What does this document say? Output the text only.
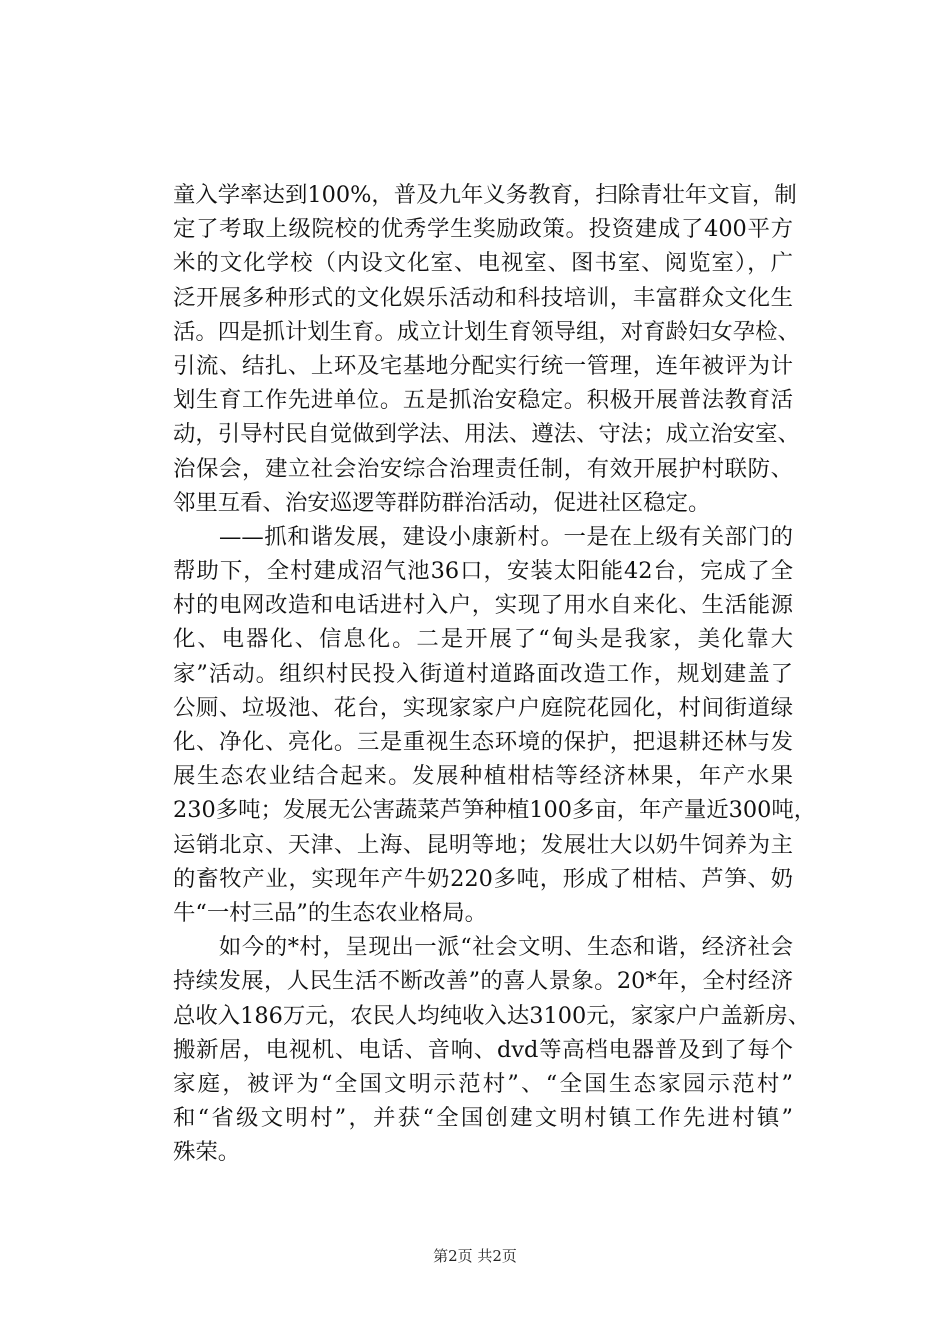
童入学率达到100%，普及九年义务教育，扫除青壮年文盲，制
定了考取上级院校的优秀学生奖励政策。投资建成了400平方
米的文化学校（内设文化室、电视室、图书室、阅览室），广
泛开展多种形式的文化娱乐活动和科技培训，丰富群众文化生
活。四是抓计划生育。成立计划生育领导组，对育龄妇女孕检、
引流、结扎、上环及宅基地分配实行统一管理，连年被评为计
划生育工作先进单位。五是抓治安稳定。积极开展普法教育活
动，引导村民自觉做到学法、用法、遵法、守法；成立治安室、
治保会，建立社会治安综合治理责任制，有效开展护村联防、
邻里互看、治安巡逻等群防群治活动，促进社区稳定。
　　——抓和谐发展，建设小康新村。一是在上级有关部门的
帮助下，全村建成沼气池36口，安装太阳能42台，完成了全
村的电网改造和电话进村入户，实现了用水自来化、生活能源
化、电器化、信息化。二是开展了“甸头是我家，美化靠大
家”活动。组织村民投入街道村道路面改造工作，规划建盖了
公厕、垃圾池、花台，实现家家户户庭院花园化，村间街道绿
化、净化、亮化。三是重视生态环境的保护，把退耕还林与发
展生态农业结合起来。发展种植柑桔等经济林果，年产水果
230多吨；发展无公害蔬菜芦笋种植100多亩，年产量近300吨，
运销北京、天津、上海、昆明等地；发展壮大以奶牛饲养为主
的畜牧产业，实现年产牛奶220多吨，形成了柑桔、芦笋、奶
牛“一村三品”的生态农业格局。
　　如今的*村，呈现出一派“社会文明、生态和谐，经济社会
持续发展，人民生活不断改善”的喜人景象。20*年，全村经济
总收入186万元，农民人均纯收入达3100元，家家户户盖新房、
搬新居，电视机、电话、音响、dvd等高档电器普及到了每个
家庭，被评为“全国文明示范村”、“全国生态家园示范村”
和“省级文明村”，并获“全国创建文明村镇工作先进村镇”
殊荣。
第2页 共2页
